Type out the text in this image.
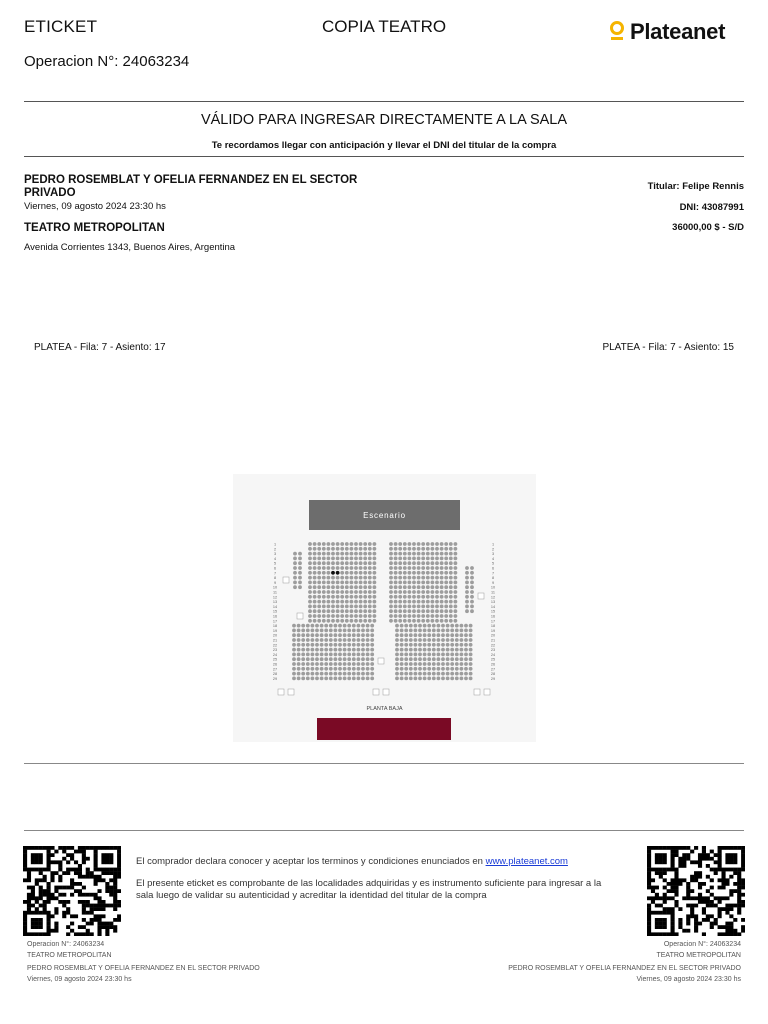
ETICKET	COPIA TEATRO
Operacion N°: 24063234
Plateanet
VÁLIDO PARA INGRESAR DIRECTAMENTE A LA SALA
Te recordamos llegar con anticipación y llevar el DNI del titular de la compra
PEDRO ROSEMBLAT Y OFELIA FERNANDEZ EN EL SECTOR PRIVADO
Viernes, 09 agosto 2024 23:30 hs
TEATRO METROPOLITAN
Avenida Corrientes 1343, Buenos Aires, Argentina
Titular: Felipe Rennis
DNI: 43087991
36000,00 $ - S/D
PLATEA - Fila: 7 - Asiento: 17	PLATEA - Fila: 7 - Asiento: 15
Escenario
1	1
2	2
3	3
4	4
5	5
6	6
7	7
8	8
9	9
10	10
11	11
12	12
13	13
14	14
15	15
16	16
17	17
18	18
19	19
20	20
21	21
22	22
23	23
24	24
25	25
26	26
27	27
28	28
29	29
PLANTA BAJA
El comprador declara conocer y aceptar los terminos y condiciones enunciados en www.plateanet.com
El presente eticket es comprobante de las localidades adquiridas y es instrumento suficiente para ingresar a la sala luego de validar su autenticidad y acreditar la identidad del titular de la compra
Operacion N°: 24063234
TEATRO METROPOLITAN
PEDRO ROSEMBLAT Y OFELIA FERNANDEZ EN EL SECTOR PRIVADO
Viernes, 09 agosto 2024 23:30 hs
Operacion N°: 24063234
TEATRO METROPOLITAN
PEDRO ROSEMBLAT Y OFELIA FERNANDEZ EN EL SECTOR PRIVADO
Viernes, 09 agosto 2024 23:30 hs
